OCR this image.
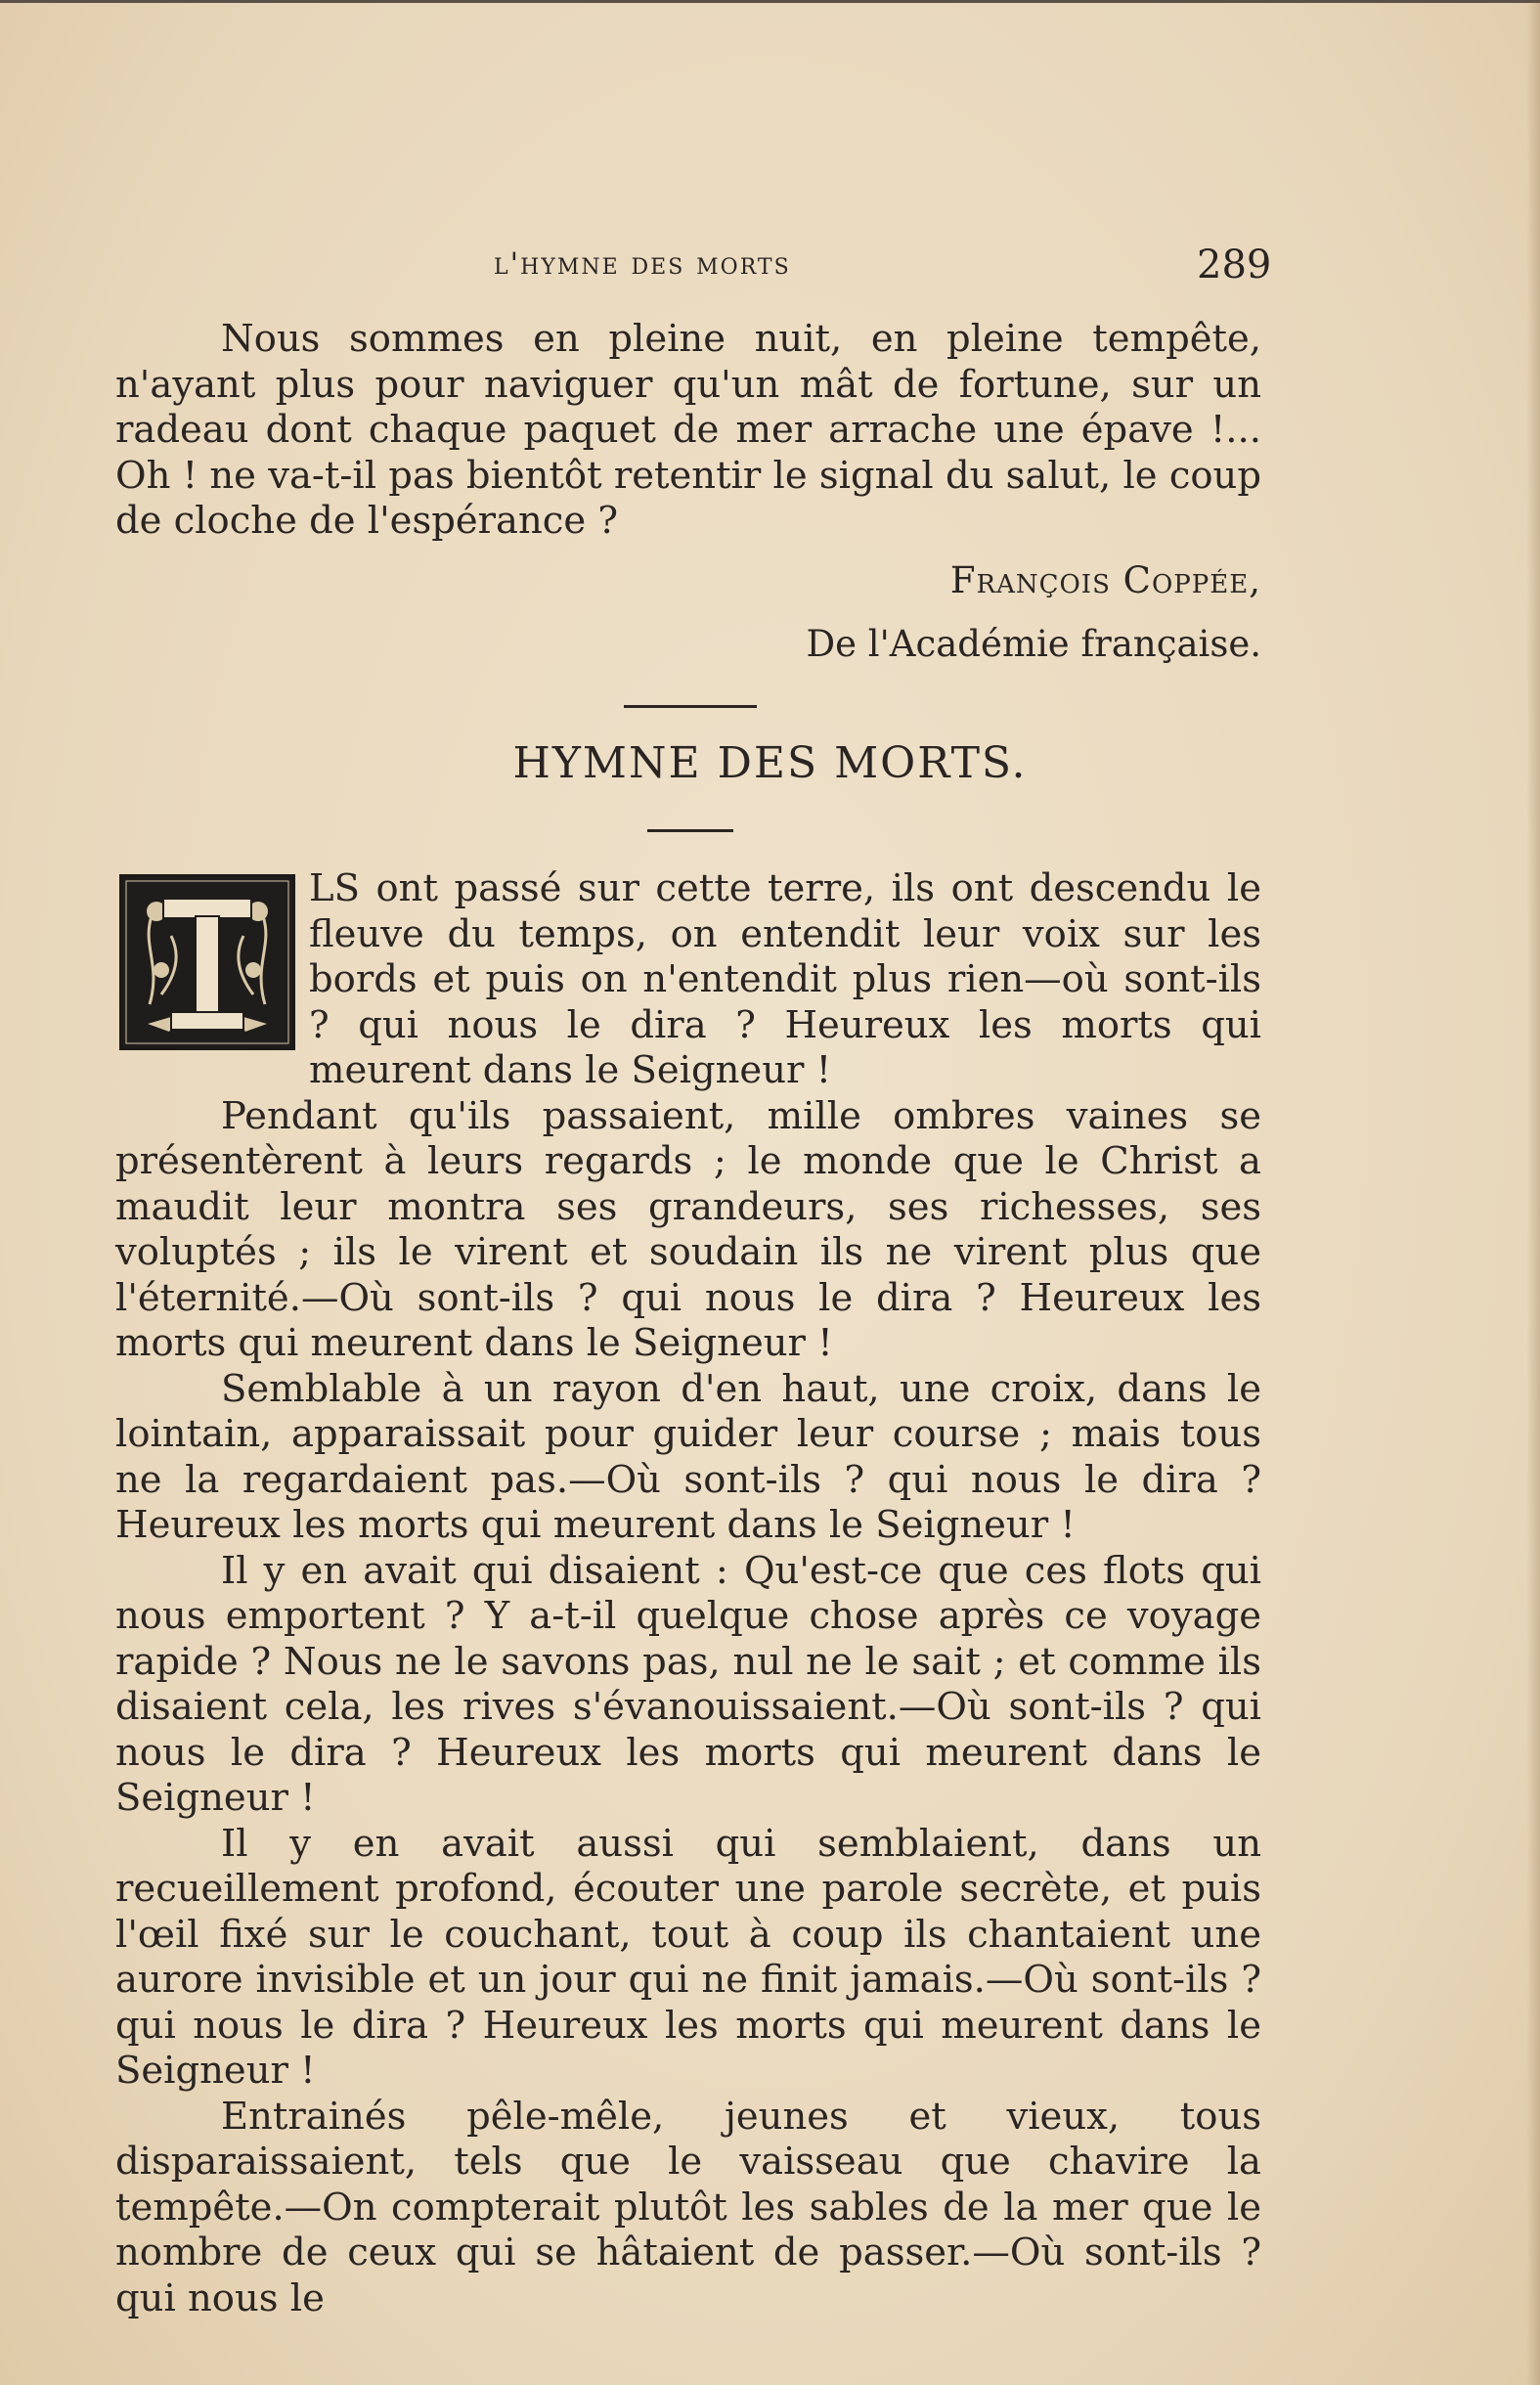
l'hymne des morts	289

Nous sommes en pleine nuit, en pleine tempête, n'ayant plus pour naviguer qu'un mât de fortune, sur un radeau dont chaque paquet de mer arrache une épave !... Oh ! ne va-t-il pas bientôt retentir le signal du salut, le coup de cloche de l'espérance ?

François Coppée,
De l'Académie française.
HYMNE DES MORTS.

LS ont passé sur cette terre, ils ont descendu le fleuve du temps, on entendit leur voix sur les bords et puis on n'entendit plus rien—où sont-ils ? qui nous le dira ? Heureux les morts qui meurent dans le Seigneur !

Pendant qu'ils passaient, mille ombres vaines se présentèrent à leurs regards ; le monde que le Christ a maudit leur montra ses grandeurs, ses richesses, ses voluptés ; ils le virent et soudain ils ne virent plus que l'éternité.—Où sont-ils ? qui nous le dira ? Heureux les morts qui meurent dans le Seigneur !

Semblable à un rayon d'en haut, une croix, dans le lointain, apparaissait pour guider leur course ; mais tous ne la regardaient pas.—Où sont-ils ? qui nous le dira ? Heureux les morts qui meurent dans le Seigneur !

Il y en avait qui disaient : Qu'est-ce que ces flots qui nous emportent ? Y a-t-il quelque chose après ce voyage rapide ? Nous ne le savons pas, nul ne le sait ; et comme ils disaient cela, les rives s'évanouissaient.—Où sont-ils ? qui nous le dira ? Heureux les morts qui meurent dans le Seigneur !

Il y en avait aussi qui semblaient, dans un recueillement profond, écouter une parole secrète, et puis l'œil fixé sur le couchant, tout à coup ils chantaient une aurore invisible et un jour qui ne finit jamais.—Où sont-ils ? qui nous le dira ? Heureux les morts qui meurent dans le Seigneur !

Entrainés pêle-mêle, jeunes et vieux, tous disparaissaient, tels que le vaisseau que chavire la tempête.—On compterait plutôt les sables de la mer que le nombre de ceux qui se hâtaient de passer.—Où sont-ils ? qui nous le
